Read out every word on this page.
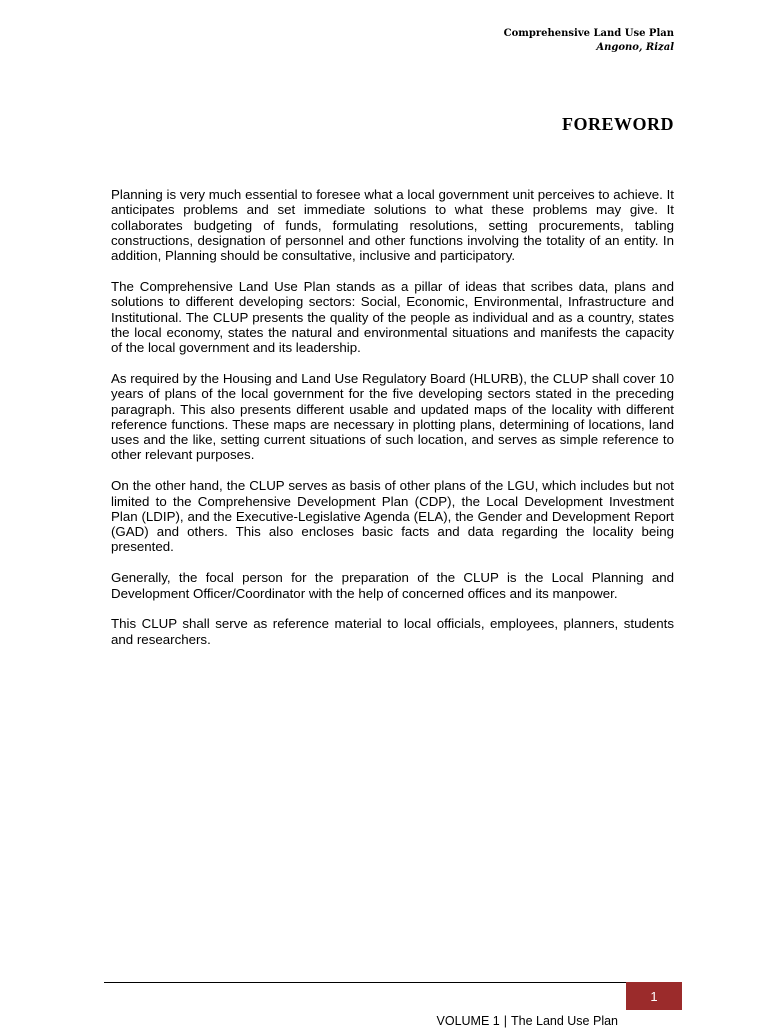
Comprehensive Land Use Plan
Angono, Rizal
FOREWORD

Planning is very much essential to foresee what a local government unit perceives to achieve. It anticipates problems and set immediate solutions to what these problems may give. It collaborates budgeting of funds, formulating resolutions, setting procurements, tabling constructions, designation of personnel and other functions involving the totality of an entity. In addition, Planning should be consultative, inclusive and participatory.

The Comprehensive Land Use Plan stands as a pillar of ideas that scribes data, plans and solutions to different developing sectors: Social, Economic, Environmental, Infrastructure and Institutional. The CLUP presents the quality of the people as individual and as a country, states the local economy, states the natural and environmental situations and manifests the capacity of the local government and its leadership.

As required by the Housing and Land Use Regulatory Board (HLURB), the CLUP shall cover 10 years of plans of the local government for the five developing sectors stated in the preceding paragraph. This also presents different usable and updated maps of the locality with different reference functions. These maps are necessary in plotting plans, determining of locations, land uses and the like, setting current situations of such location, and serves as simple reference to other relevant purposes.

On the other hand, the CLUP serves as basis of other plans of the LGU, which includes but not limited to the Comprehensive Development Plan (CDP), the Local Development Investment Plan (LDIP), and the Executive-Legislative Agenda (ELA), the Gender and Development Report (GAD) and others. This also encloses basic facts and data regarding the locality being presented.

Generally, the focal person for the preparation of the CLUP is the Local Planning and Development Officer/Coordinator with the help of concerned offices and its manpower.

This CLUP shall serve as reference material to local officials, employees, planners, students and researchers.

VOLUME 1 | The Land Use Plan
1
